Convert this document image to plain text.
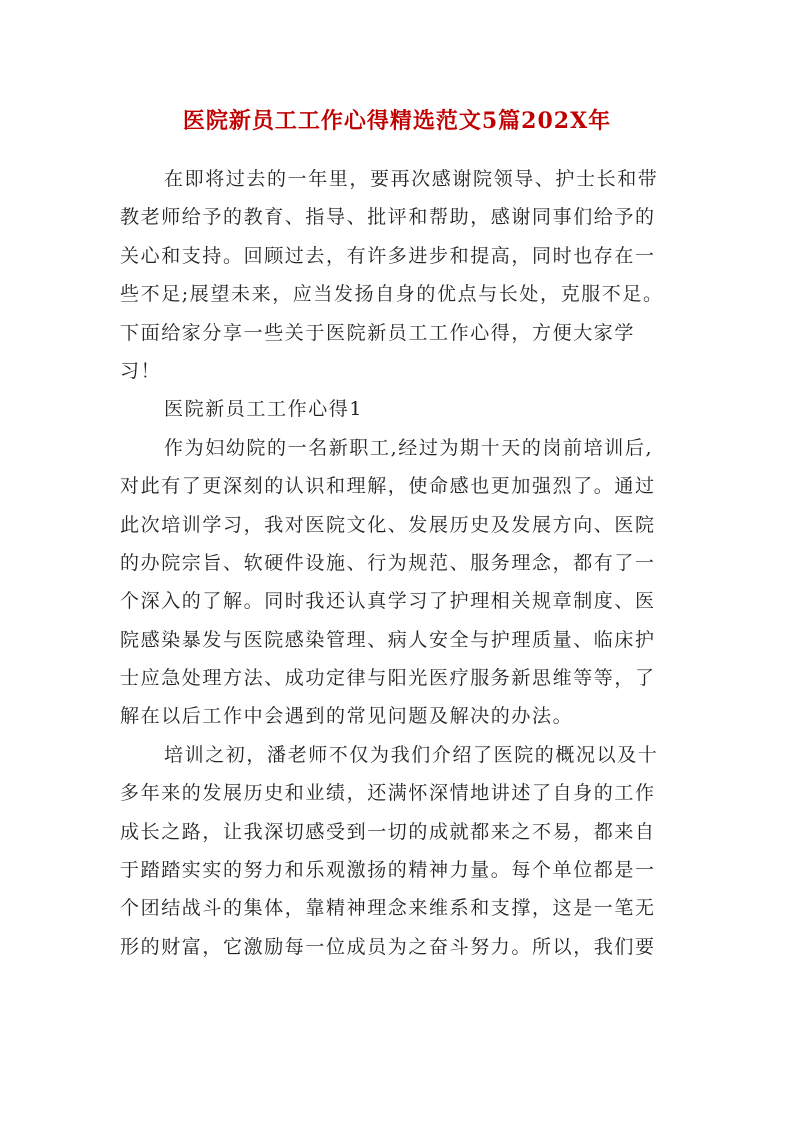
医院新员工工作心得精选范文5篇202X年
在即将过去的一年里，要再次感谢院领导、护士长和带
教老师给予的教育、指导、批评和帮助，感谢同事们给予的
关心和支持。回顾过去，有许多进步和提高，同时也存在一
些不足;展望未来，应当发扬自身的优点与长处，克服不足。
下面给家分享一些关于医院新员工工作心得，方便大家学
习！
医院新员工工作心得1
作为妇幼院的一名新职工,经过为期十天的岗前培训后,
对此有了更深刻的认识和理解，使命感也更加强烈了。通过
此次培训学习，我对医院文化、发展历史及发展方向、医院
的办院宗旨、软硬件设施、行为规范、服务理念，都有了一
个深入的了解。同时我还认真学习了护理相关规章制度、医
院感染暴发与医院感染管理、病人安全与护理质量、临床护
士应急处理方法、成功定律与阳光医疗服务新思维等等，了
解在以后工作中会遇到的常见问题及解决的办法。
培训之初，潘老师不仅为我们介绍了医院的概况以及十
多年来的发展历史和业绩，还满怀深情地讲述了自身的工作
成长之路，让我深切感受到一切的成就都来之不易，都来自
于踏踏实实的努力和乐观激扬的精神力量。每个单位都是一
个团结战斗的集体，靠精神理念来维系和支撑，这是一笔无
形的财富，它激励每一位成员为之奋斗努力。所以，我们要
